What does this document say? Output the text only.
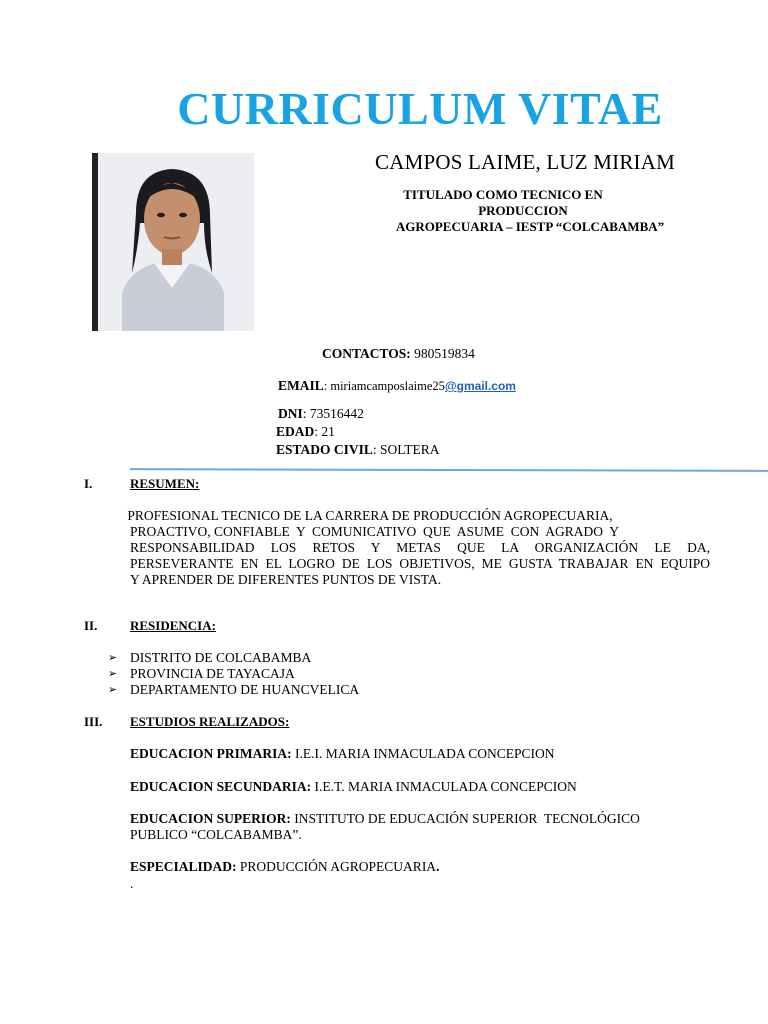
CURRICULUM VITAE
CAMPOS LAIME, LUZ MIRIAM
TITULADO COMO TECNICO EN
PRODUCCION
AGROPECUARIA – IESTP “COLCABAMBA”
CONTACTOS: 980519834
EMAIL: miriamcamposlaime25@gmail.com
DNI: 73516442
EDAD: 21
ESTADO CIVIL: SOLTERA
I.	RESUMEN:
PROFESIONAL TECNICO DE LA CARRERA DE PRODUCCIÓN AGROPECUARIA,
PROACTIVO, CONFIABLE  Y  COMUNICATIVO  QUE  ASUME  CON  AGRADO  Y
RESPONSABILIDAD LOS RETOS Y METAS QUE LA ORGANIZACIÓN LE DA,
PERSEVERANTE EN EL LOGRO DE LOS OBJETIVOS, ME GUSTA TRABAJAR EN EQUIPO
Y APRENDER DE DIFERENTES PUNTOS DE VISTA.
II.	RESIDENCIA:
➢ DISTRITO DE COLCABAMBA
➢ PROVINCIA DE TAYACAJA
➢ DEPARTAMENTO DE HUANCVELICA
III. ESTUDIOS REALIZADOS:
EDUCACION PRIMARIA: I.E.I. MARIA INMACULADA CONCEPCION
EDUCACION SECUNDARIA: I.E.T. MARIA INMACULADA CONCEPCION
EDUCACION SUPERIOR: INSTITUTO DE EDUCACIÓN SUPERIOR  TECNOLÓGICO
PUBLICO “COLCABAMBA”.
ESPECIALIDAD: PRODUCCIÓN AGROPECUARIA.
.
